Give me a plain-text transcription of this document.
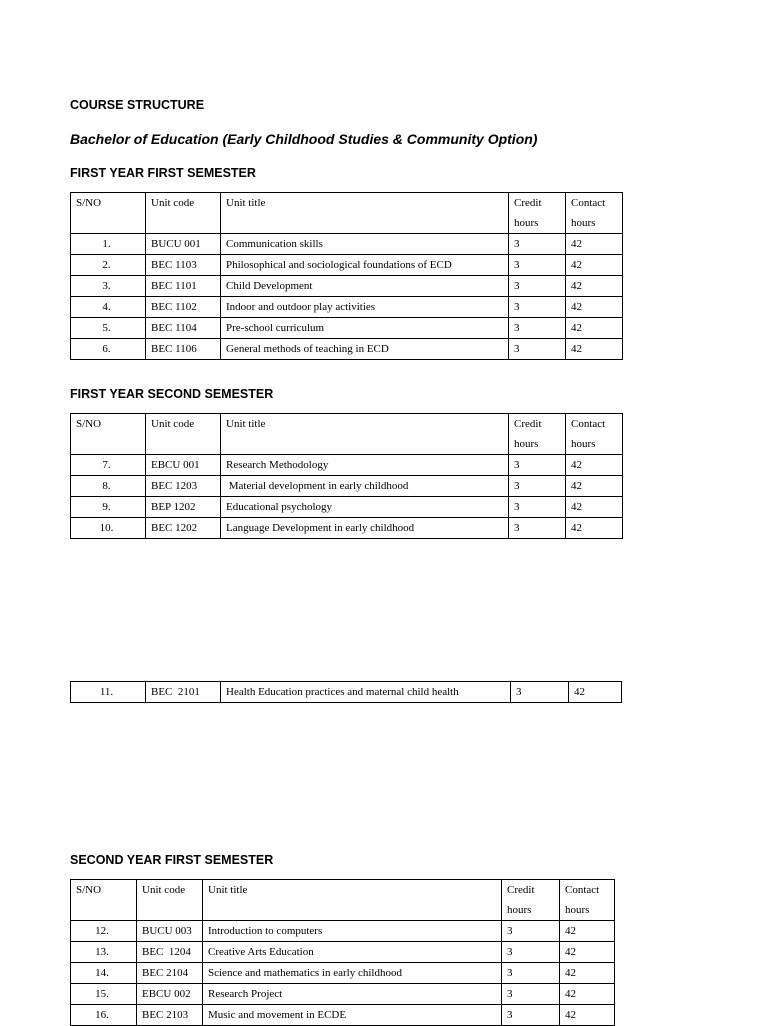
COURSE STRUCTURE
Bachelor of Education (Early Childhood Studies & Community Option)
FIRST YEAR FIRST SEMESTER
S/NO	Unit code	Unit title	Credit hours	Contact hours
1.	BUCU 001	Communication skills	3	42
2.	BEC 1103	Philosophical and sociological foundations of ECD	3	42
3.	BEC 1101	Child Development	3	42
4.	BEC 1102	Indoor and outdoor play activities	3	42
5.	BEC 1104	Pre-school curriculum	3	42
6.	BEC 1106	General methods of teaching in ECD	3	42
FIRST YEAR SECOND SEMESTER
S/NO	Unit code	Unit title	Credit hours	Contact hours
7.	EBCU 001	Research Methodology	3	42
8.	BEC 1203	Material development in early childhood	3	42
9.	BEP 1202	Educational psychology	3	42
10.	BEC 1202	Language Development in early childhood	3	42
11.	BEC  2101	Health Education practices and maternal child health	3	42
SECOND YEAR FIRST SEMESTER
S/NO	Unit code	Unit title	Credit hours	Contact hours
12.	BUCU 003	Introduction to computers	3	42
13.	BEC  1204	Creative Arts Education	3	42
14.	BEC 2104	Science and mathematics in early childhood	3	42
15.	EBCU 002	Research Project	3	42
16.	BEC 2103	Music and movement in ECDE	3	42
